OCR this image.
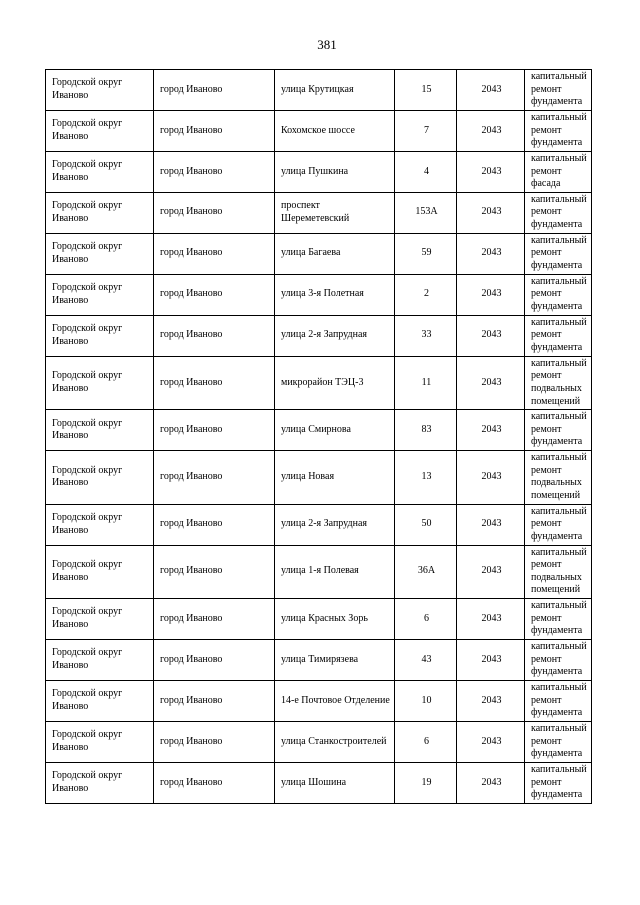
381
Городской округ Иваново	город Иваново	улица Крутицкая	15	2043	капитальный ремонт фундамента
Городской округ Иваново	город Иваново	Кохомское шоссе	7	2043	капитальный ремонт фундамента
Городской округ Иваново	город Иваново	улица Пушкина	4	2043	капитальный ремонт фасада
Городской округ Иваново	город Иваново	проспект Шереметевский	153А	2043	капитальный ремонт фундамента
Городской округ Иваново	город Иваново	улица Багаева	59	2043	капитальный ремонт фундамента
Городской округ Иваново	город Иваново	улица 3-я Полетная	2	2043	капитальный ремонт фундамента
Городской округ Иваново	город Иваново	улица 2-я Запрудная	33	2043	капитальный ремонт фундамента
Городской округ Иваново	город Иваново	микрорайон ТЭЦ-3	11	2043	капитальный ремонт подвальных помещений
Городской округ Иваново	город Иваново	улица Смирнова	83	2043	капитальный ремонт фундамента
Городской округ Иваново	город Иваново	улица Новая	13	2043	капитальный ремонт подвальных помещений
Городской округ Иваново	город Иваново	улица 2-я Запрудная	50	2043	капитальный ремонт фундамента
Городской округ Иваново	город Иваново	улица 1-я Полевая	36А	2043	капитальный ремонт подвальных помещений
Городской округ Иваново	город Иваново	улица Красных Зорь	6	2043	капитальный ремонт фундамента
Городской округ Иваново	город Иваново	улица Тимирязева	43	2043	капитальный ремонт фундамента
Городской округ Иваново	город Иваново	14-е Почтовое Отделение	10	2043	капитальный ремонт фундамента
Городской округ Иваново	город Иваново	улица Станкостроителей	6	2043	капитальный ремонт фундамента
Городской округ Иваново	город Иваново	улица Шошина	19	2043	капитальный ремонт фундамента
